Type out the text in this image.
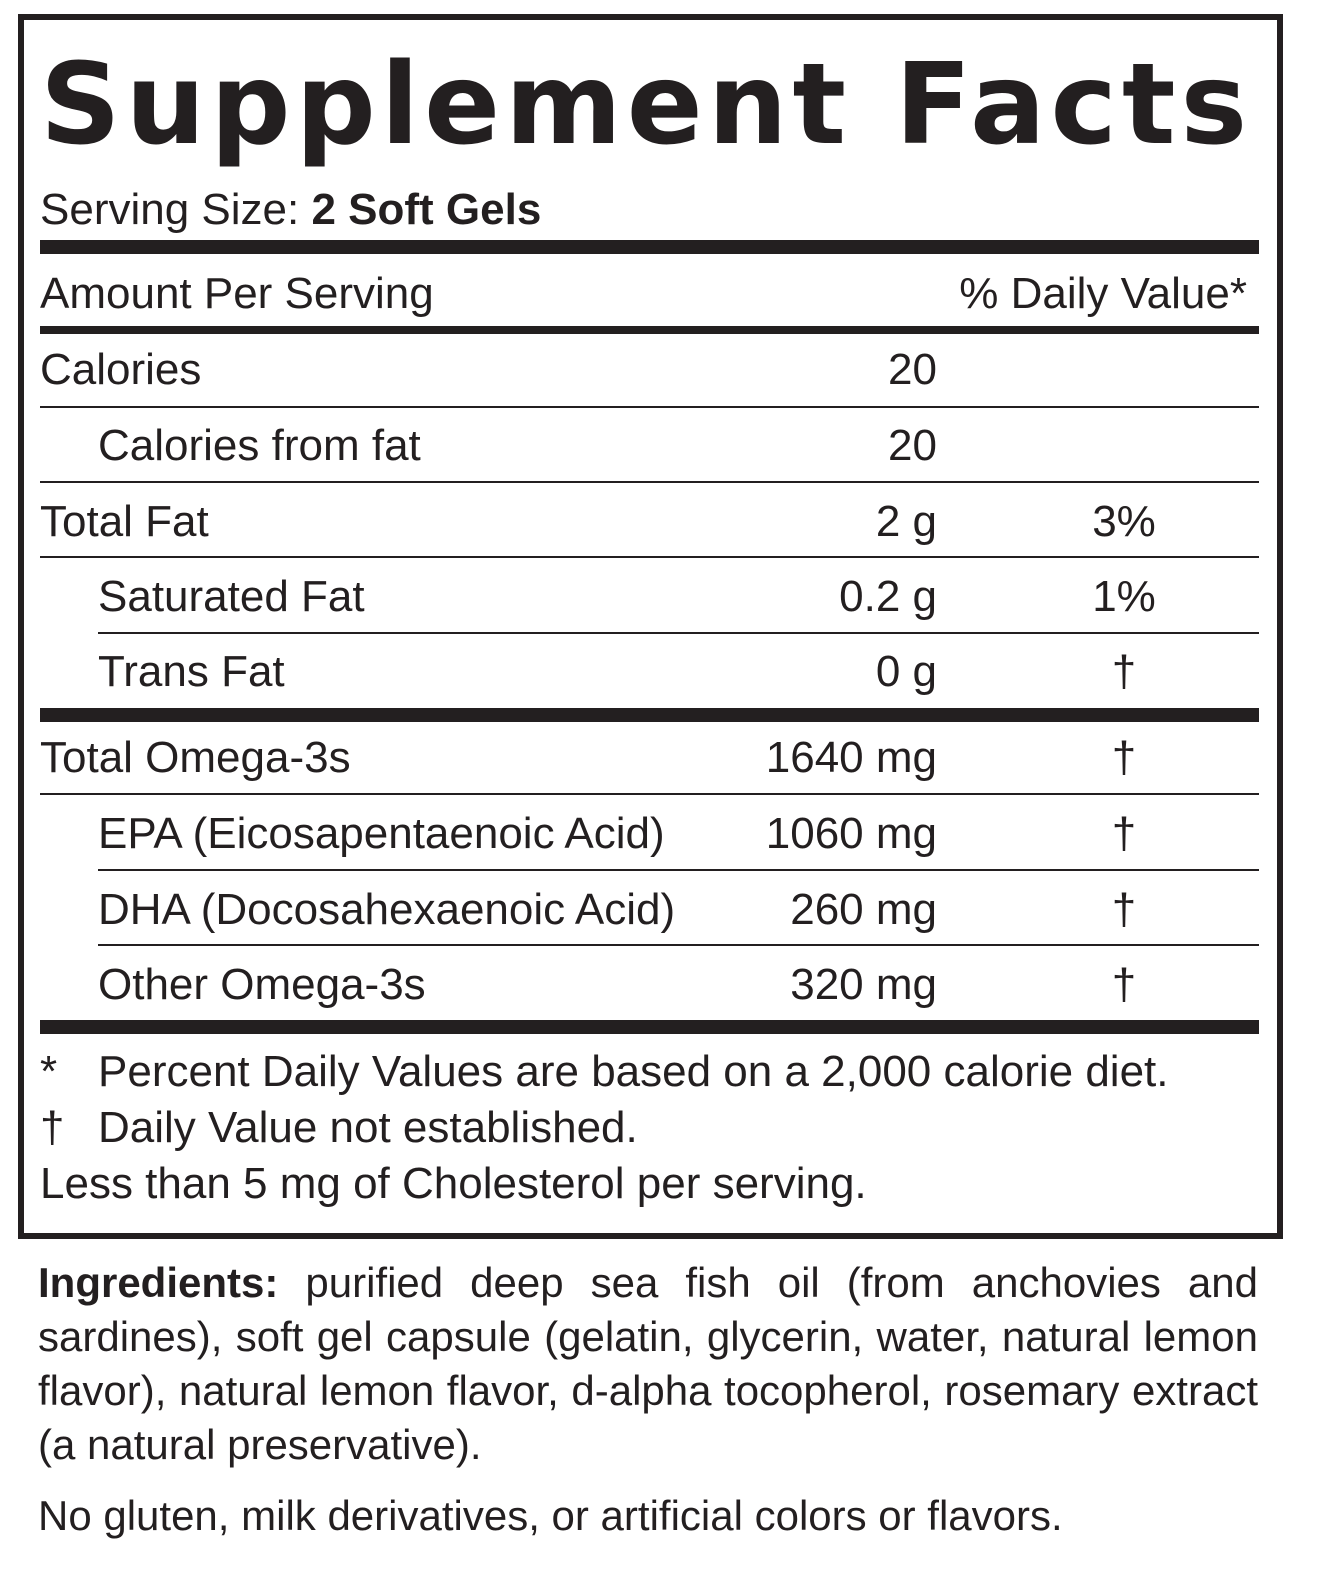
Supplement Facts
Serving Size: 2 Soft Gels
Amount Per Serving	% Daily Value*
Calories	20
Calories from fat	20
Total Fat	2 g	3%
Saturated Fat	0.2 g	1%
Trans Fat	0 g	†
Total Omega-3s	1640 mg	†
EPA (Eicosapentaenoic Acid) 1060 mg	†
DHA (Docosahexaenoic Acid)	260 mg	†
Other Omega-3s	320 mg	†
* Percent Daily Values are based on a 2,000 calorie diet.
† Daily Value not established.
Less than 5 mg of Cholesterol per serving.
Ingredients: purified deep sea fish oil (from anchovies and sardines), soft gel capsule (gelatin, glycerin, water, natural lemon flavor), natural lemon flavor, d-alpha tocopherol, rosemary extract (a natural preservative).
No gluten, milk derivatives, or artificial colors or flavors.
